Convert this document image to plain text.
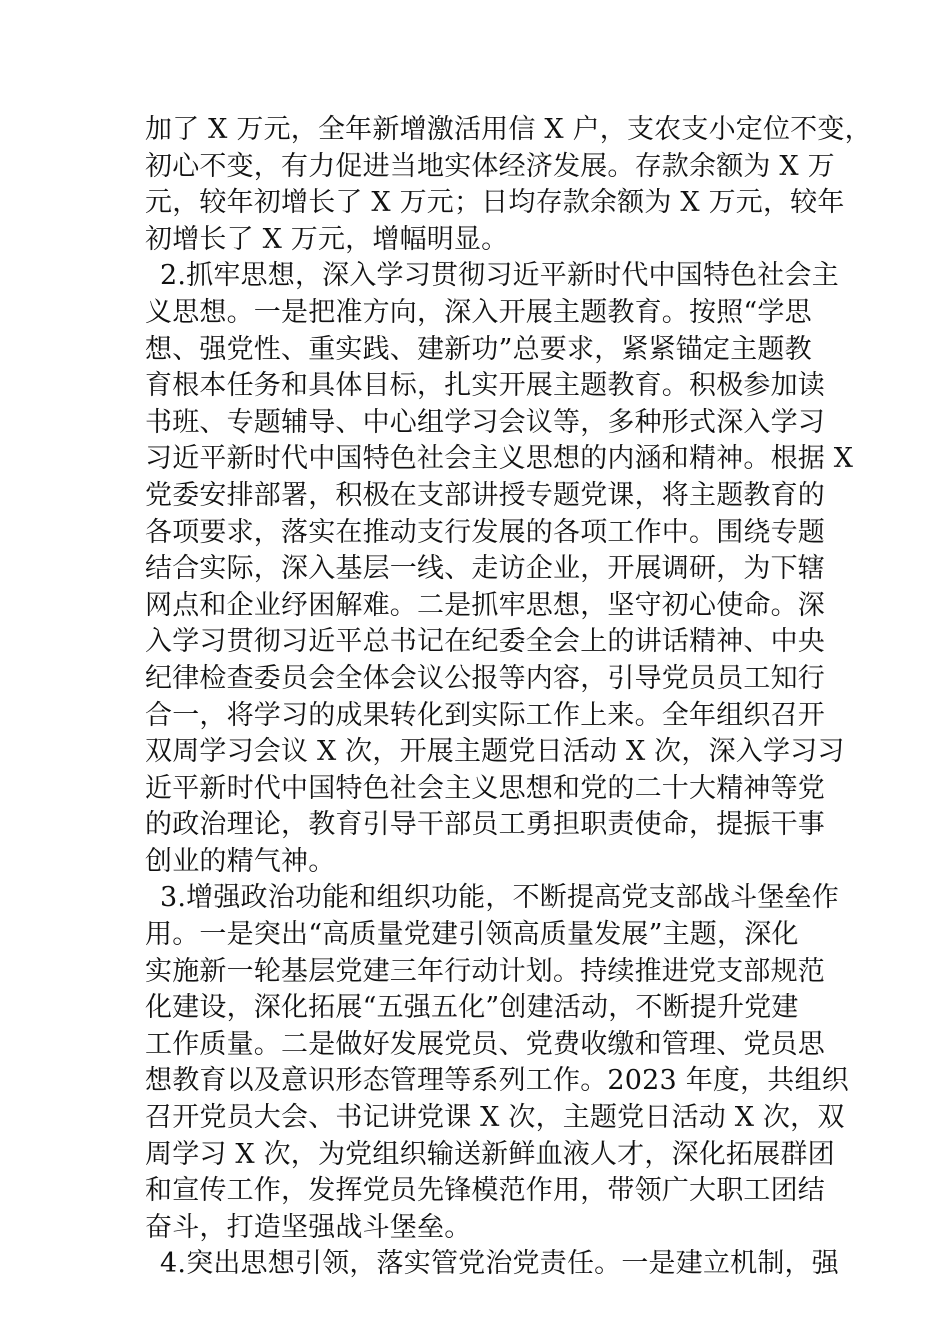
加了 X 万元，全年新增激活用信 X 户，支农支小定位不变，
初心不变，有力促进当地实体经济发展。存款余额为 X 万
元，较年初增长了 X 万元；日均存款余额为 X 万元，较年
初增长了 X 万元，增幅明显。
2.抓牢思想，深入学习贯彻习近平新时代中国特色社会主
义思想。一是把准方向，深入开展主题教育。按照“学思
想、强党性、重实践、建新功”总要求，紧紧锚定主题教
育根本任务和具体目标，扎实开展主题教育。积极参加读
书班、专题辅导、中心组学习会议等，多种形式深入学习
习近平新时代中国特色社会主义思想的内涵和精神。根据 X
党委安排部署，积极在支部讲授专题党课，将主题教育的
各项要求，落实在推动支行发展的各项工作中。围绕专题
结合实际，深入基层一线、走访企业，开展调研，为下辖
网点和企业纾困解难。二是抓牢思想，坚守初心使命。深
入学习贯彻习近平总书记在纪委全会上的讲话精神、中央
纪律检查委员会全体会议公报等内容，引导党员员工知行
合一，将学习的成果转化到实际工作上来。全年组织召开
双周学习会议 X 次，开展主题党日活动 X 次，深入学习习
近平新时代中国特色社会主义思想和党的二十大精神等党
的政治理论，教育引导干部员工勇担职责使命，提振干事
创业的精气神。
3.增强政治功能和组织功能，不断提高党支部战斗堡垒作
用。一是突出“高质量党建引领高质量发展”主题，深化
实施新一轮基层党建三年行动计划。持续推进党支部规范
化建设，深化拓展“五强五化”创建活动，不断提升党建
工作质量。二是做好发展党员、党费收缴和管理、党员思
想教育以及意识形态管理等系列工作。2023 年度，共组织
召开党员大会、书记讲党课 X 次，主题党日活动 X 次，双
周学习 X 次，为党组织输送新鲜血液人才，深化拓展群团
和宣传工作，发挥党员先锋模范作用，带领广大职工团结
奋斗，打造坚强战斗堡垒。
4.突出思想引领，落实管党治党责任。一是建立机制，强
